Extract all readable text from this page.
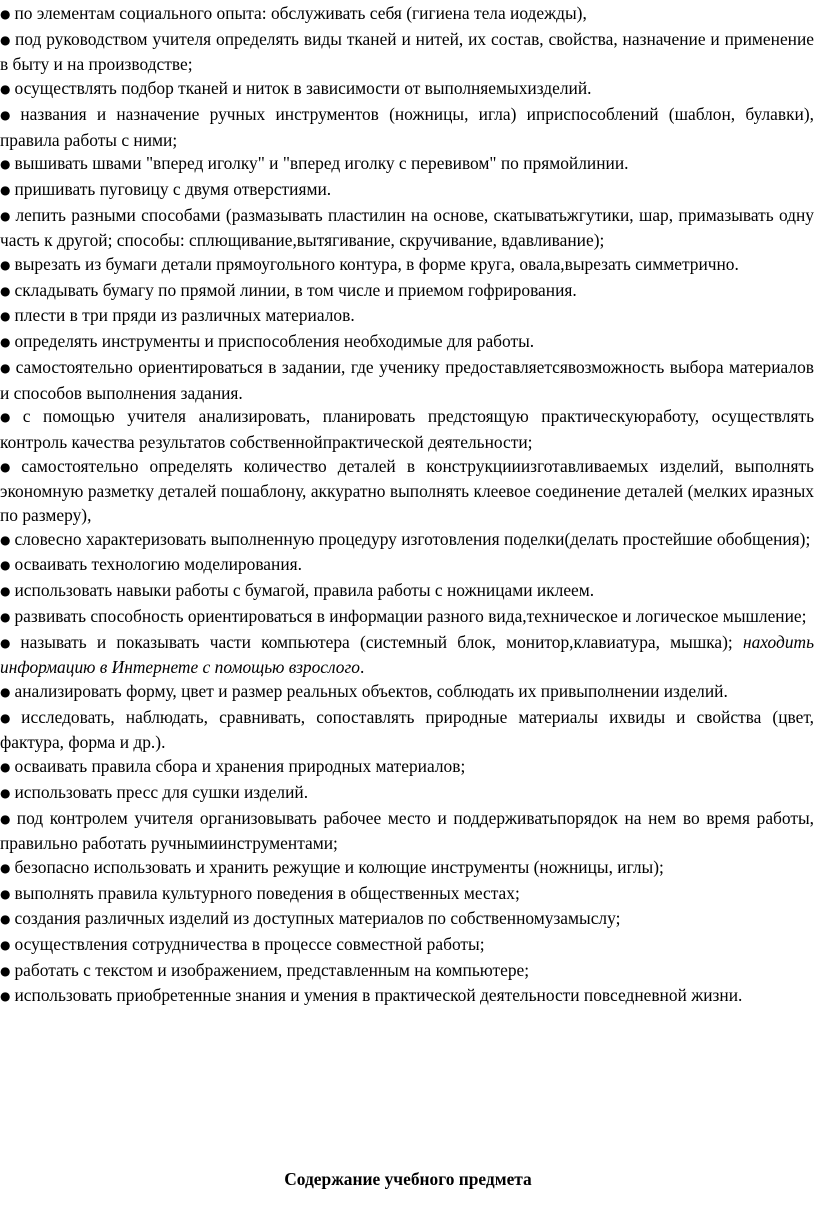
● по элементам социального опыта: обслуживать себя (гигиена тела иодежды),

● под руководством учителя определять виды тканей и нитей, их состав, свойства, назначение и применение в быту и на производстве;

● осуществлять подбор тканей и ниток в зависимости от выполняемыхизделий.

● названия и назначение ручных инструментов (ножницы, игла) иприспособлений (шаблон, булавки), правила работы с ними;

● вышивать швами "вперед иголку" и "вперед иголку с перевивом" по прямойлинии.

● пришивать пуговицу с двумя отверстиями.

● лепить разными способами (размазывать пластилин на основе, скатыватьжгутики, шар, примазывать одну часть к другой; способы: сплющивание,вытягивание, скручивание, вдавливание);

● вырезать из бумаги детали прямоугольного контура, в форме круга, овала,вырезать симметрично.

● складывать бумагу по прямой линии, в том числе и приемом гофрирования.

● плести в три пряди из различных материалов.

● определять инструменты и приспособления необходимые для работы.

● самостоятельно ориентироваться в задании, где ученику предоставляетсявозможность выбора материалов и способов выполнения задания.

● с помощью учителя анализировать, планировать предстоящую практическуюработу, осуществлять контроль качества результатов собственнойпрактической деятельности;

● самостоятельно определять количество деталей в конструкцииизготавливаемых изделий, выполнять экономную разметку деталей пошаблону, аккуратно выполнять клеевое соединение деталей (мелких иразных по размеру),

● словесно характеризовать выполненную процедуру изготовления поделки(делать простейшие обобщения);

● осваивать технологию моделирования.

● использовать навыки работы с бумагой, правила работы с ножницами иклеем.

● развивать способность ориентироваться в информации разного вида,техническое и логическое мышление;

● называть и показывать части компьютера (системный блок, монитор,клавиатура, мышка); находить информацию в Интернете с помощью взрослого.

● анализировать форму, цвет и размер реальных объектов, соблюдать их привыполнении изделий.

● исследовать, наблюдать, сравнивать, сопоставлять природные материалы ихвиды и свойства (цвет, фактура, форма и др.).

● осваивать правила сбора и хранения природных материалов;

● использовать пресс для сушки изделий.

● под контролем учителя организовывать рабочее место и поддерживатьпорядок на нем во время работы, правильно работать ручнымиинструментами;

● безопасно использовать и хранить режущие и колющие инструменты (ножницы, иглы);

● выполнять правила культурного поведения в общественных местах;

● создания различных изделий из доступных материалов по собственномузамыслу;

● осуществления сотрудничества в процессе совместной работы;

● работать с текстом и изображением, представленным на компьютере;

● использовать приобретенные знания и умения в практической деятельности повседневной жизни.

Содержание учебного предмета
